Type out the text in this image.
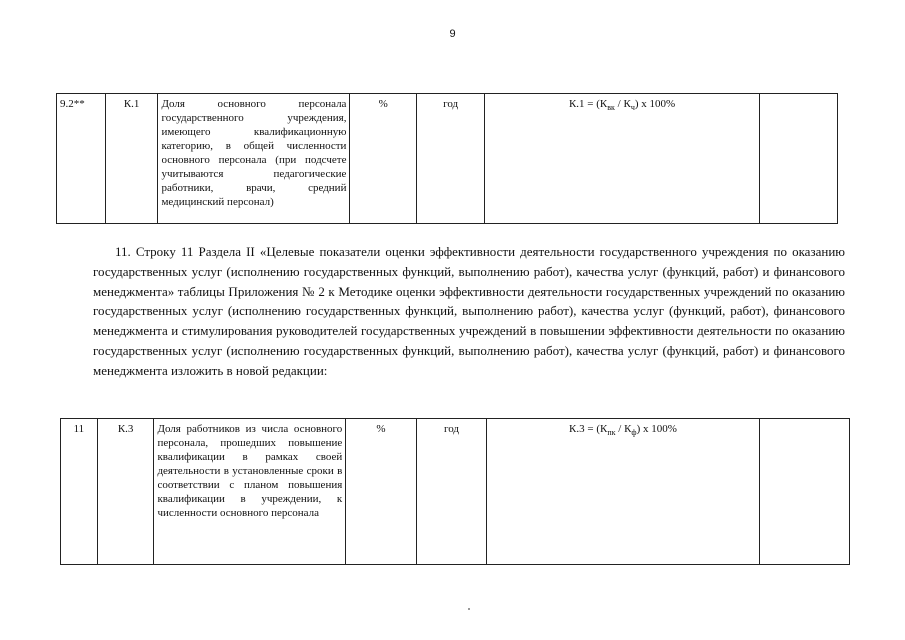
9
9.2**	К.1	Доля основного персонала государственного учреждения, имеющего квалификационную категорию, в общей численности основного персонала (при подсчете учитываются педагогические работники, врачи, средний медицинский персонал)	%	год	$К.1 = (К_{вк} / К_ч)$ х 100%	
11. Строку 11 Раздела II «Целевые показатели оценки эффективности деятельности государственного учреждения по оказанию государственных услуг (исполнению государственных функций, выполнению работ), качества услуг (функций, работ) и финансового менеджмента» таблицы Приложения № 2 к Методике оценки эффективности деятельности государственных учреждений по оказанию государственных услуг (исполнению государственных функций, выполнению работ), качества услуг (функций, работ), финансового менеджмента и стимулирования руководителей государственных учреждений в повышении эффективности деятельности по оказанию государственных услуг (исполнению государственных функций, выполнению работ), качества услуг (функций, работ) и финансового менеджмента изложить в новой редакции:
11	К.3	Доля работников из числа основного персонала, прошедших повышение квалификации в рамках своей деятельности в установленные сроки в соответствии с планом повышения квалификации в учреждении, к численности основного персонала	%	год	$К.3 = (К_{пк} / К_ф)$ х 100%	
